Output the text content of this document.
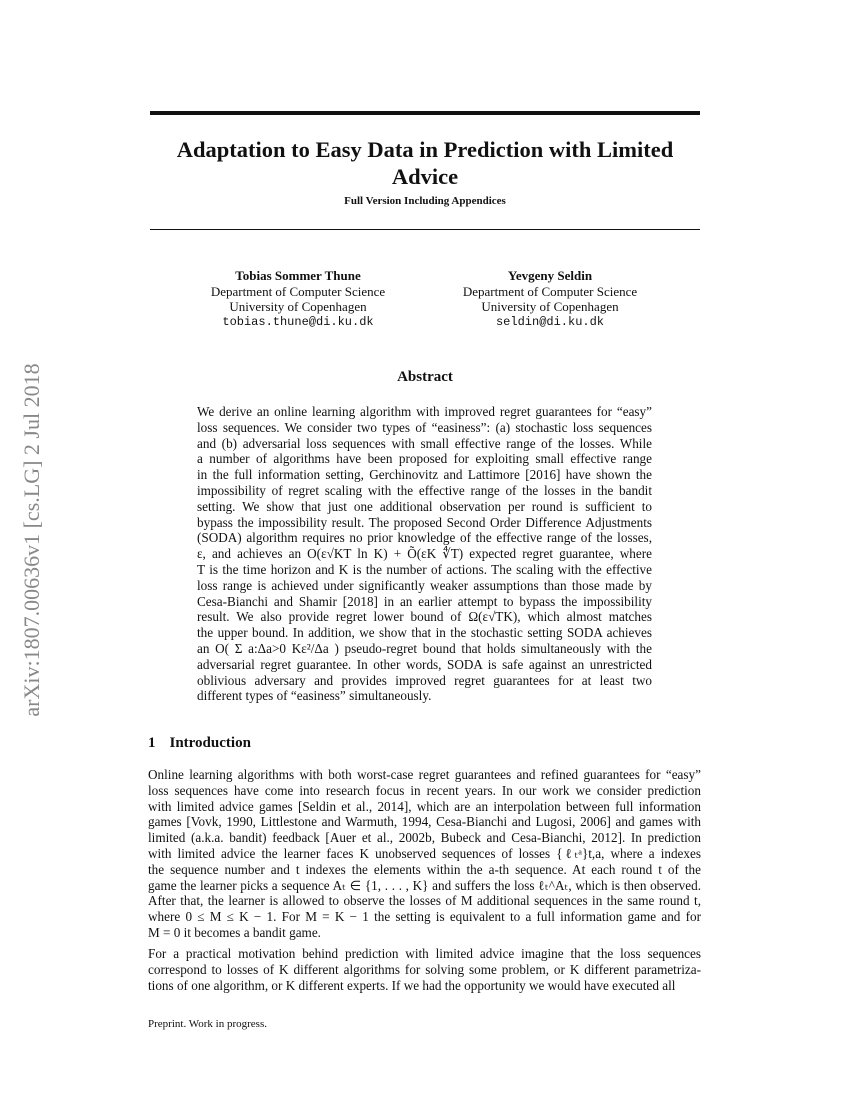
arXiv:1807.00636v1 [cs.LG] 2 Jul 2018
Adaptation to Easy Data in Prediction with Limited
Advice
Full Version Including Appendices
Tobias Sommer Thune
Department of Computer Science
University of Copenhagen
tobias.thune@di.ku.dk
Yevgeny Seldin
Department of Computer Science
University of Copenhagen
seldin@di.ku.dk
Abstract
We derive an online learning algorithm with improved regret guarantees for “easy”
loss sequences. We consider two types of “easiness”: (a) stochastic loss sequences
and (b) adversarial loss sequences with small effective range of the losses. While
a number of algorithms have been proposed for exploiting small effective range
in the full information setting, Gerchinovitz and Lattimore [2016] have shown the
impossibility of regret scaling with the effective range of the losses in the bandit
setting. We show that just one additional observation per round is sufficient to
bypass the impossibility result. The proposed Second Order Difference Adjustments
(SODA) algorithm requires no prior knowledge of the effective range of the losses,
ε, and achieves an O(ε√KT ln K) + Õ(εK ∜T) expected regret guarantee, where
T is the time horizon and K is the number of actions. The scaling with the effective
loss range is achieved under significantly weaker assumptions than those made by
Cesa-Bianchi and Shamir [2018] in an earlier attempt to bypass the impossibility
result. We also provide regret lower bound of Ω(ε√TK), which almost matches
the upper bound. In addition, we show that in the stochastic setting SODA achieves
an O( Σ a:Δa>0 Kε²/Δa ) pseudo-regret bound that holds simultaneously with the
adversarial regret guarantee. In other words, SODA is safe against an unrestricted
oblivious adversary and provides improved regret guarantees for at least two
different types of “easiness” simultaneously.
1 Introduction
Online learning algorithms with both worst-case regret guarantees and refined guarantees for “easy”
loss sequences have come into research focus in recent years. In our work we consider prediction
with limited advice games [Seldin et al., 2014], which are an interpolation between full information
games [Vovk, 1990, Littlestone and Warmuth, 1994, Cesa-Bianchi and Lugosi, 2006] and games with
limited (a.k.a. bandit) feedback [Auer et al., 2002b, Bubeck and Cesa-Bianchi, 2012]. In prediction
with limited advice the learner faces K unobserved sequences of losses {ℓₜᵃ}t,a, where a indexes
the sequence number and t indexes the elements within the a-th sequence. At each round t of the
game the learner picks a sequence Aₜ ∈ {1, . . . , K} and suffers the loss ℓₜ^Aₜ, which is then observed.
After that, the learner is allowed to observe the losses of M additional sequences in the same round t,
where 0 ≤ M ≤ K − 1. For M = K − 1 the setting is equivalent to a full information game and for
M = 0 it becomes a bandit game.
For a practical motivation behind prediction with limited advice imagine that the loss sequences
correspond to losses of K different algorithms for solving some problem, or K different parametriza-
tions of one algorithm, or K different experts. If we had the opportunity we would have executed all
Preprint. Work in progress.
